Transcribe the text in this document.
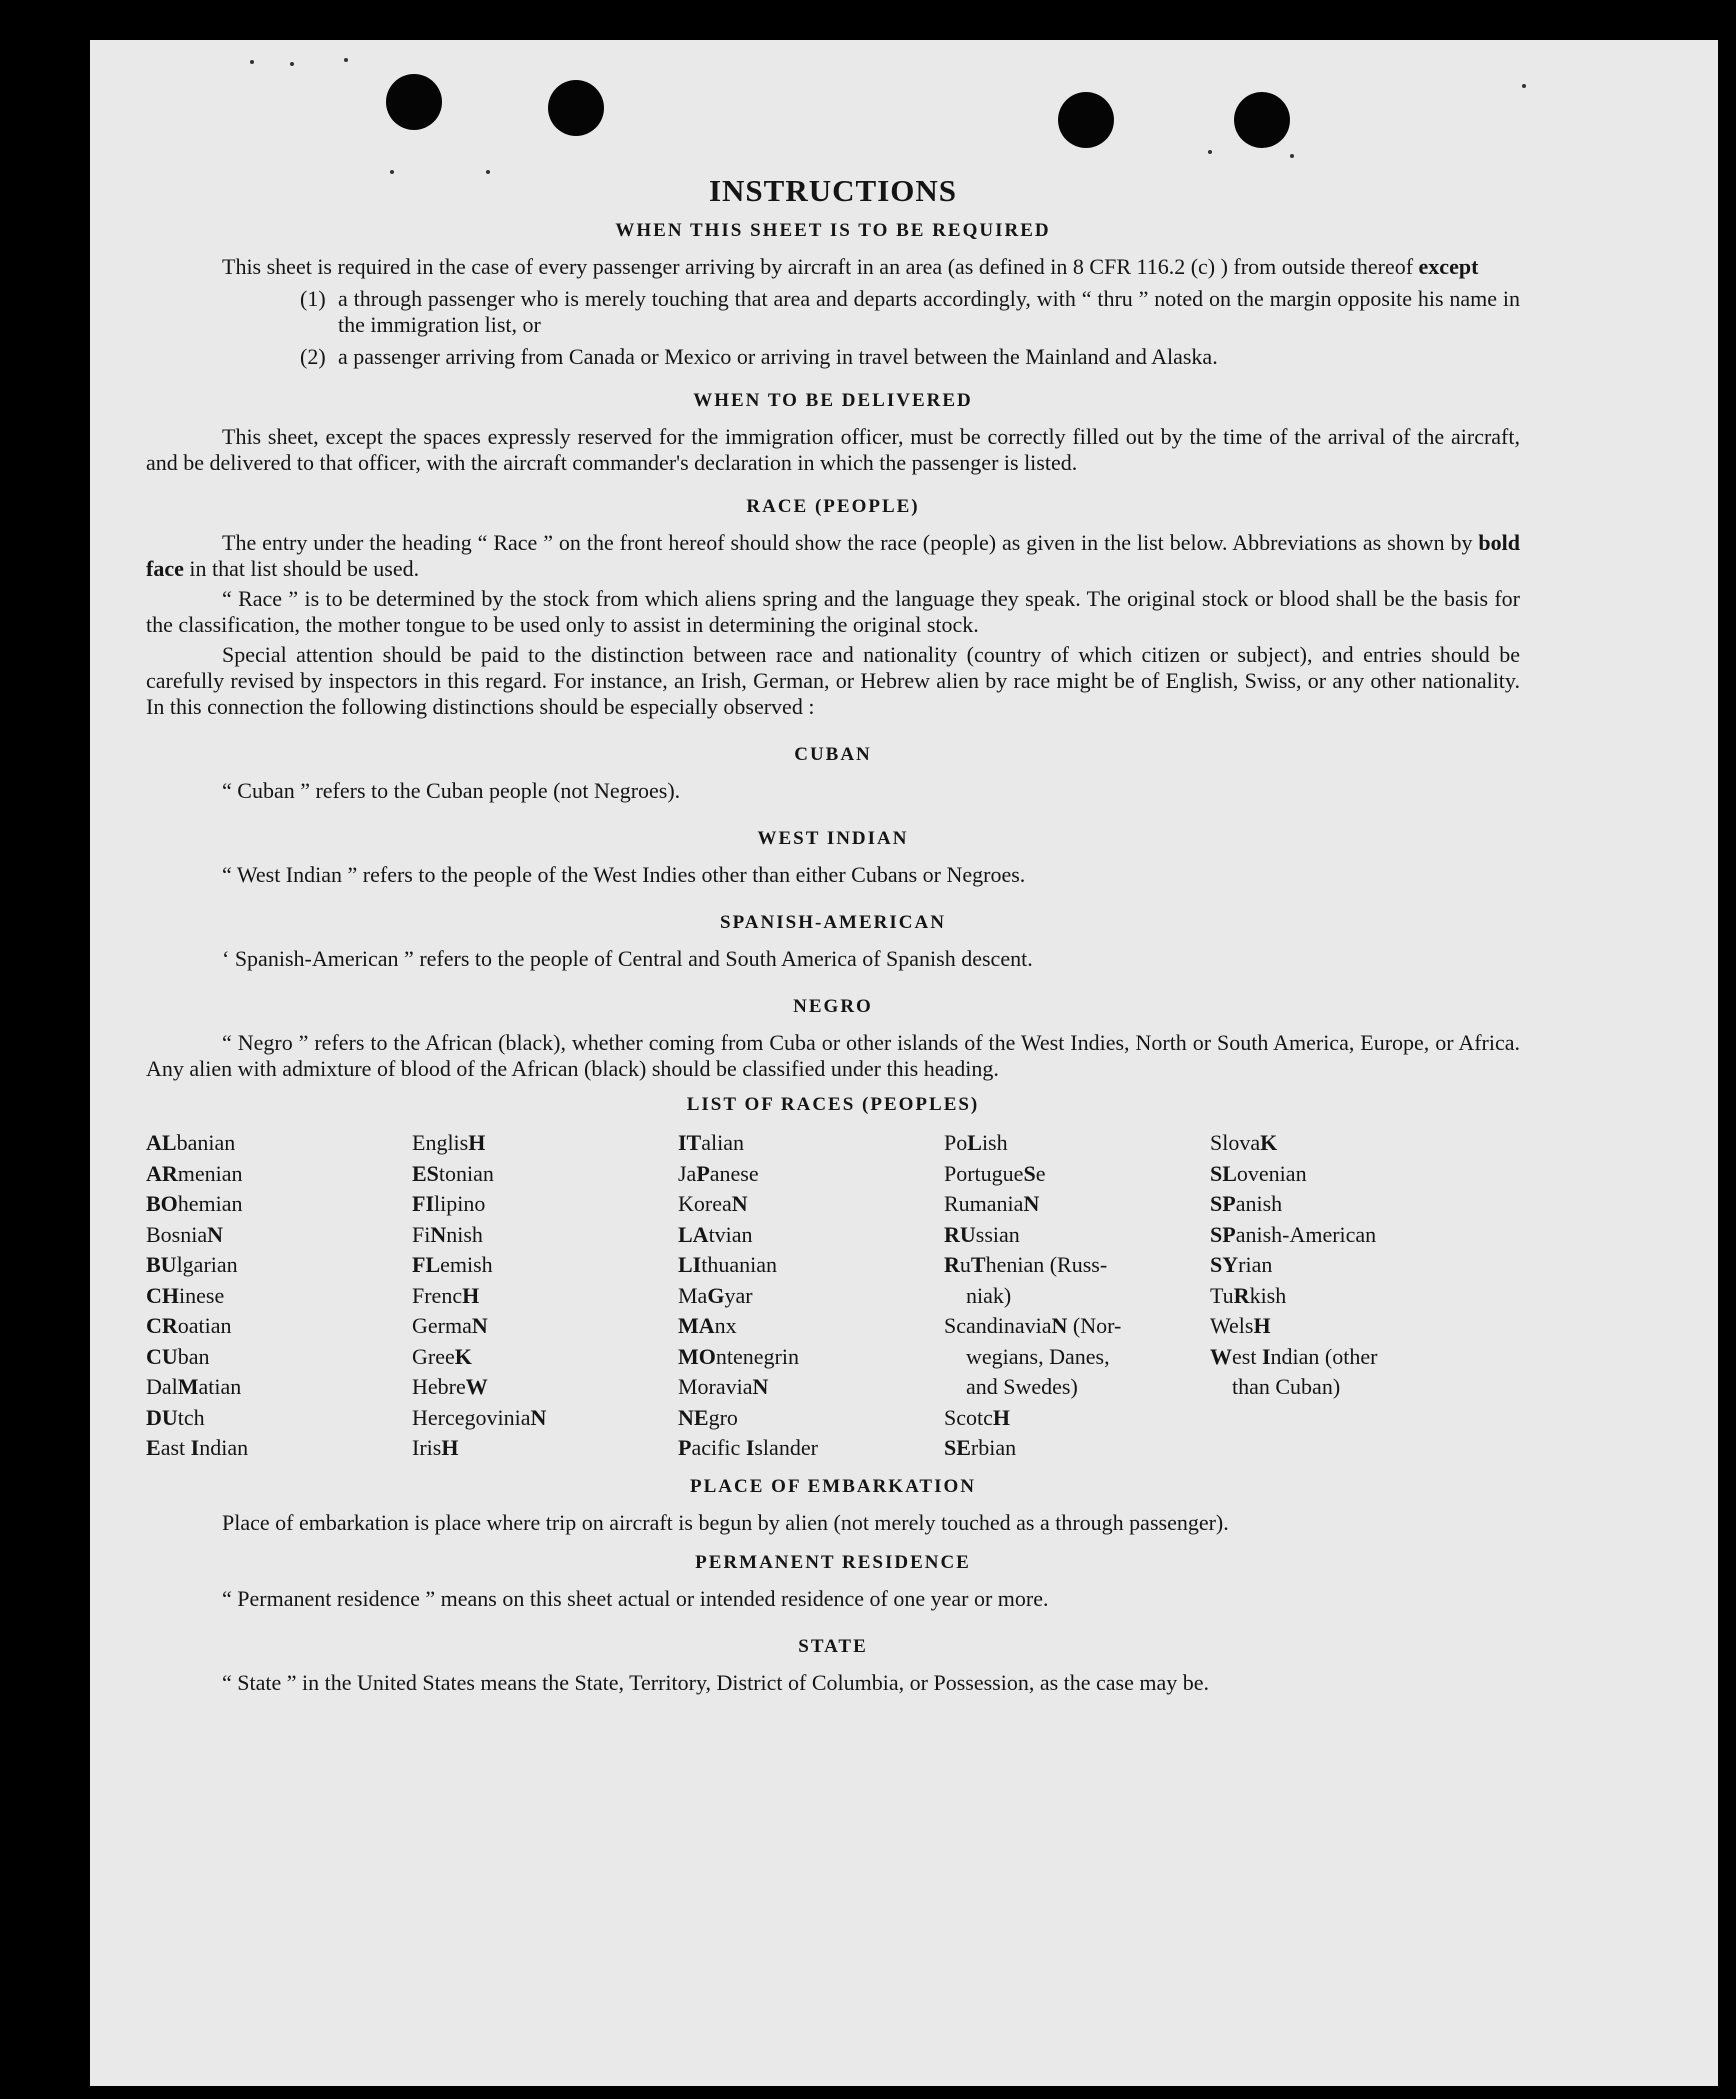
INSTRUCTIONS
WHEN THIS SHEET IS TO BE REQUIRED

This sheet is required in the case of every passenger arriving by aircraft in an area (as defined in 8 CFR 116.2 (c) ) from outside thereof except

(1) a through passenger who is merely touching that area and departs accordingly, with “ thru ” noted on the margin opposite his name in the immigration list, or
(2) a passenger arriving from Canada or Mexico or arriving in travel between the Mainland and Alaska.
WHEN TO BE DELIVERED

This sheet, except the spaces expressly reserved for the immigration officer, must be correctly filled out by the time of the arrival of the aircraft, and be delivered to that officer, with the aircraft commander's declaration in which the passenger is listed.

RACE (PEOPLE)

The entry under the heading “ Race ” on the front hereof should show the race (people) as given in the list below. Abbreviations as shown by bold face in that list should be used.

“ Race ” is to be determined by the stock from which aliens spring and the language they speak. The original stock or blood shall be the basis for the classification, the mother tongue to be used only to assist in determining the original stock.

Special attention should be paid to the distinction between race and nationality (country of which citizen or subject), and entries should be carefully revised by inspectors in this regard. For instance, an Irish, German, or Hebrew alien by race might be of English, Swiss, or any other nationality. In this connection the following distinctions should be especially observed :

CUBAN

“ Cuban ” refers to the Cuban people (not Negroes).

WEST INDIAN

“ West Indian ” refers to the people of the West Indies other than either Cubans or Negroes.

SPANISH-AMERICAN

‘ Spanish-American ” refers to the people of Central and South America of Spanish descent.

NEGRO

“ Negro ” refers to the African (black), whether coming from Cuba or other islands of the West Indies, North or South America, Europe, or Africa. Any alien with admixture of blood of the African (black) should be classified under this heading.

LIST OF RACES (PEOPLES)
ALbanian
ARmenian
BOhemian
BosniaN
BUlgarian
CHinese
CRoatian
CUban
DalMatian
DUtch
East Indian
EnglisH
EStonian
FIlipino
FiNnish
FLemish
FrencH
GermaN
GreeK
HebreW
HercegoviniaN
IrisH
ITalian
JaPanese
KoreaN
LAtvian
LIthuanian
MaGyar
MAnx
MOntenegrin
MoraviaN
NEgro
Pacific Islander
PoLish
PortugueSe
RumaniaN
RUssian
RuThenian (Russ-
niak)
ScandinaviaN (Nor-
wegians, Danes,
and Swedes)
ScotcH
SErbian
SlovaK
SLovenian
SPanish
SPanish-American
SYrian
TuRkish
WelsH
West Indian (other
than Cuban)
PLACE OF EMBARKATION

Place of embarkation is place where trip on aircraft is begun by alien (not merely touched as a through passenger).

PERMANENT RESIDENCE

“ Permanent residence ” means on this sheet actual or intended residence of one year or more.

STATE

“ State ” in the United States means the State, Territory, District of Columbia, or Possession, as the case may be.
